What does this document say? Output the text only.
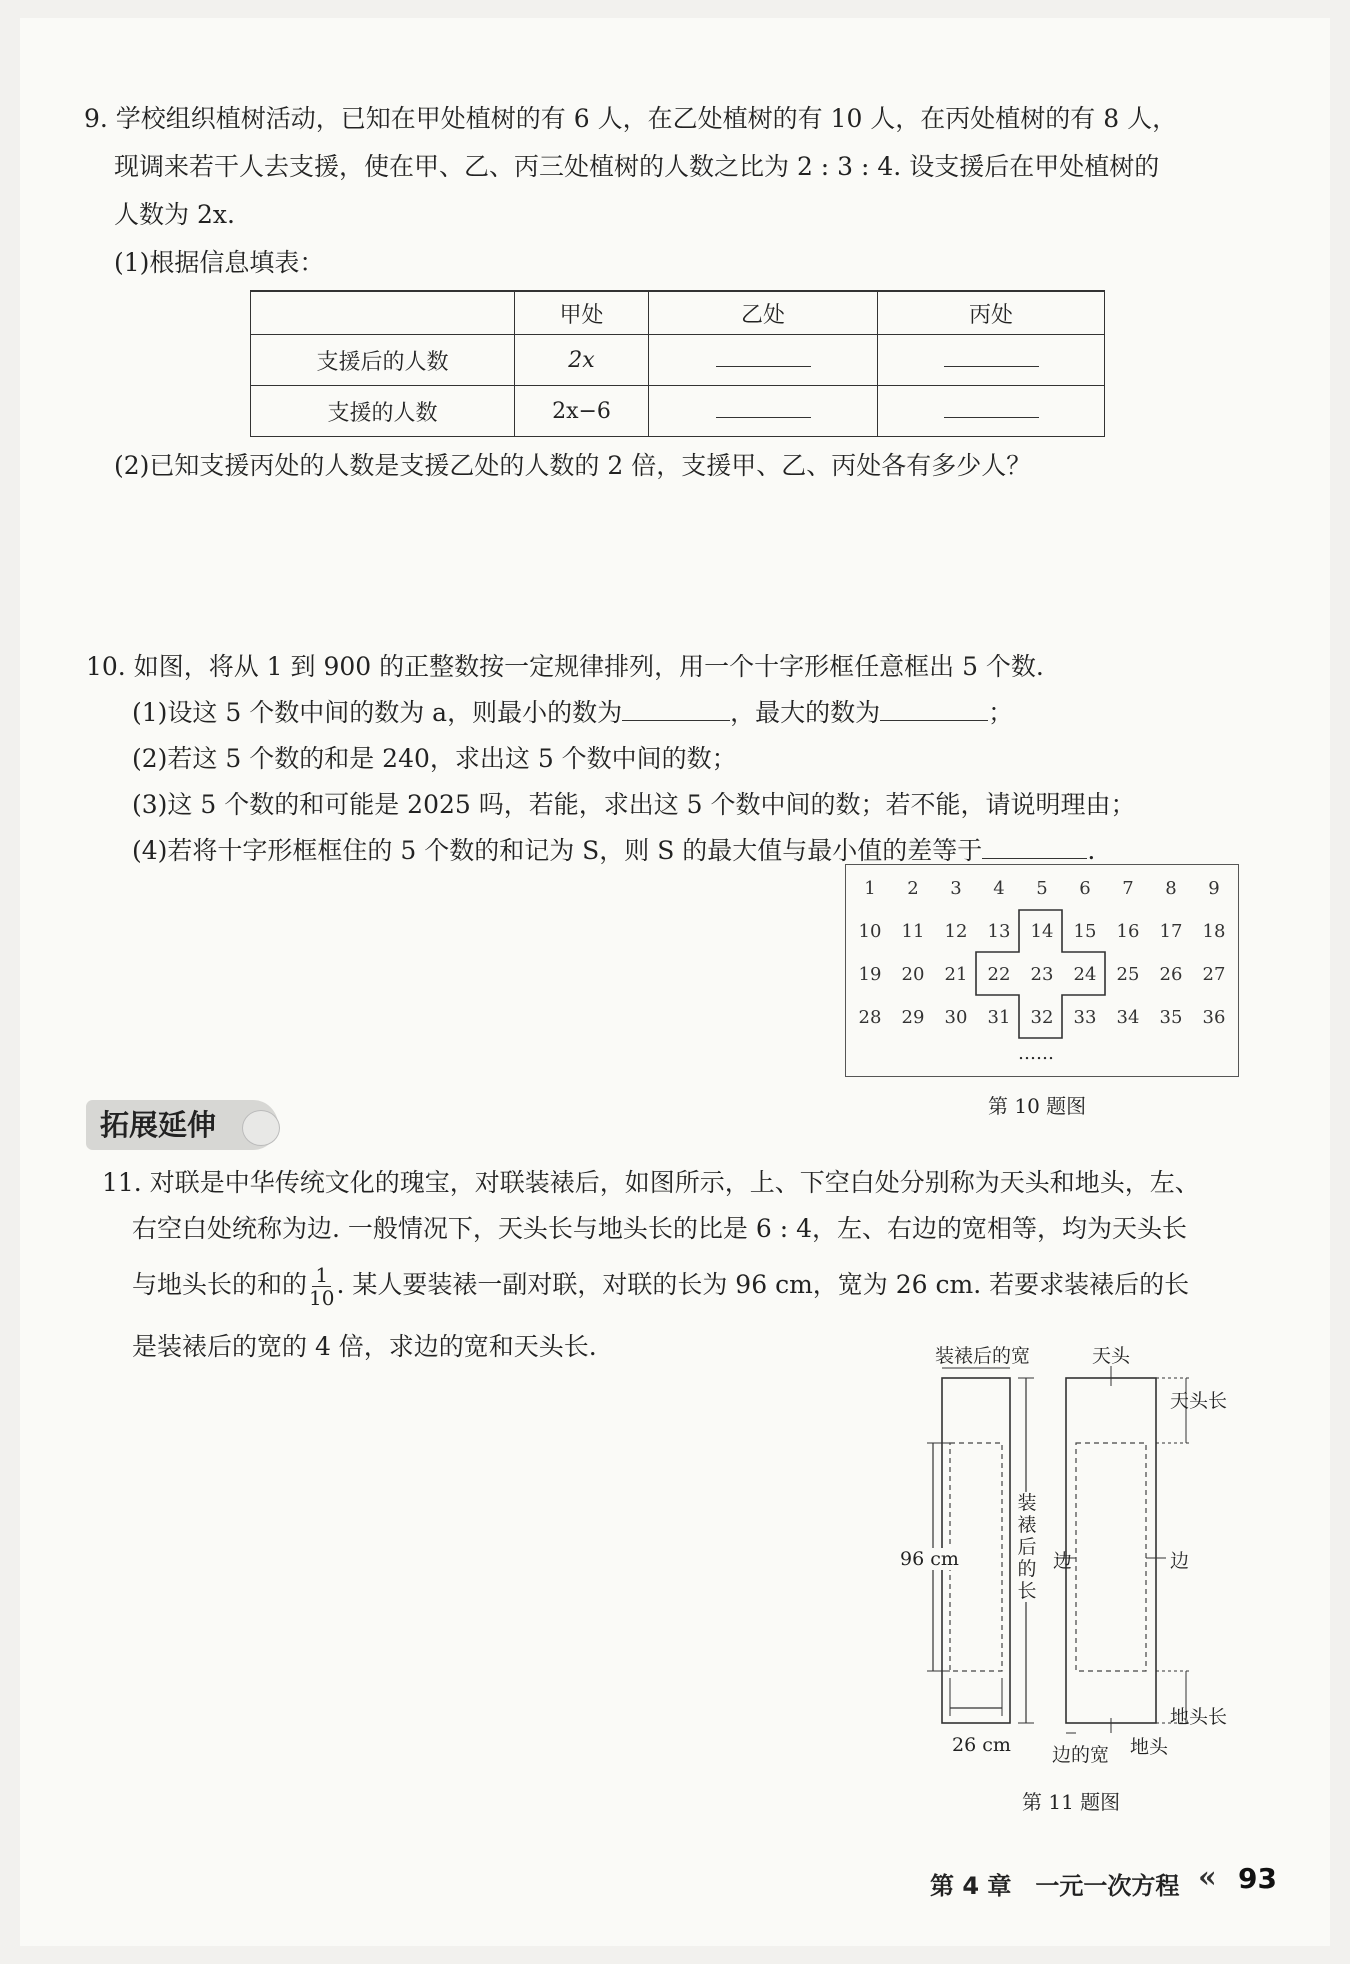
9. 学校组织植树活动，已知在甲处植树的有 6 人，在乙处植树的有 10 人，在丙处植树的有 8 人，
现调来若干人去支援，使在甲、乙、丙三处植树的人数之比为 2 : 3 : 4. 设支援后在甲处植树的
人数为 2x.
(1)根据信息填表：
	甲处	乙处	丙处
支援后的人数	2x		
支援的人数	2x−6		
(2)已知支援丙处的人数是支援乙处的人数的 2 倍，支援甲、乙、丙处各有多少人？
10. 如图，将从 1 到 900 的正整数按一定规律排列，用一个十字形框任意框出 5 个数.
(1)设这 5 个数中间的数为 a，则最小的数为	，最大的数为	；
(2)若这 5 个数的和是 240，求出这 5 个数中间的数；
(3)这 5 个数的和可能是 2025 吗，若能，求出这 5 个数中间的数；若不能，请说明理由；
(4)若将十字形框框住的 5 个数的和记为 S，则 S 的最大值与最小值的差等于	.
1	2	3	4	5	6	7	8	9
10	11	12	13	14	15	16	17	18
19	20	21	22	23	24	25	26	27
28	29	30	31	32	33	34	35	36
……
第 10 题图
拓展延伸
11. 对联是中华传统文化的瑰宝，对联装裱后，如图所示，上、下空白处分别称为天头和地头，左、
右空白处统称为边. 一般情况下，天头长与地头长的比是 6 : 4，左、右边的宽相等，均为天头长
与地头长的和的 $\frac{1}{10}$ . 某人要装裱一副对联，对联的长为 96 cm，宽为 26 cm. 若要求装裱后的长
是装裱后的宽的 4 倍，求边的宽和天头长.	装裱后的宽	天头
天头长
96 cm
装
裱
后
的
长
边	边
地头长
26 cm 边的宽 地头
第 11 题图
第 4 章　一元一次方程 « 93
